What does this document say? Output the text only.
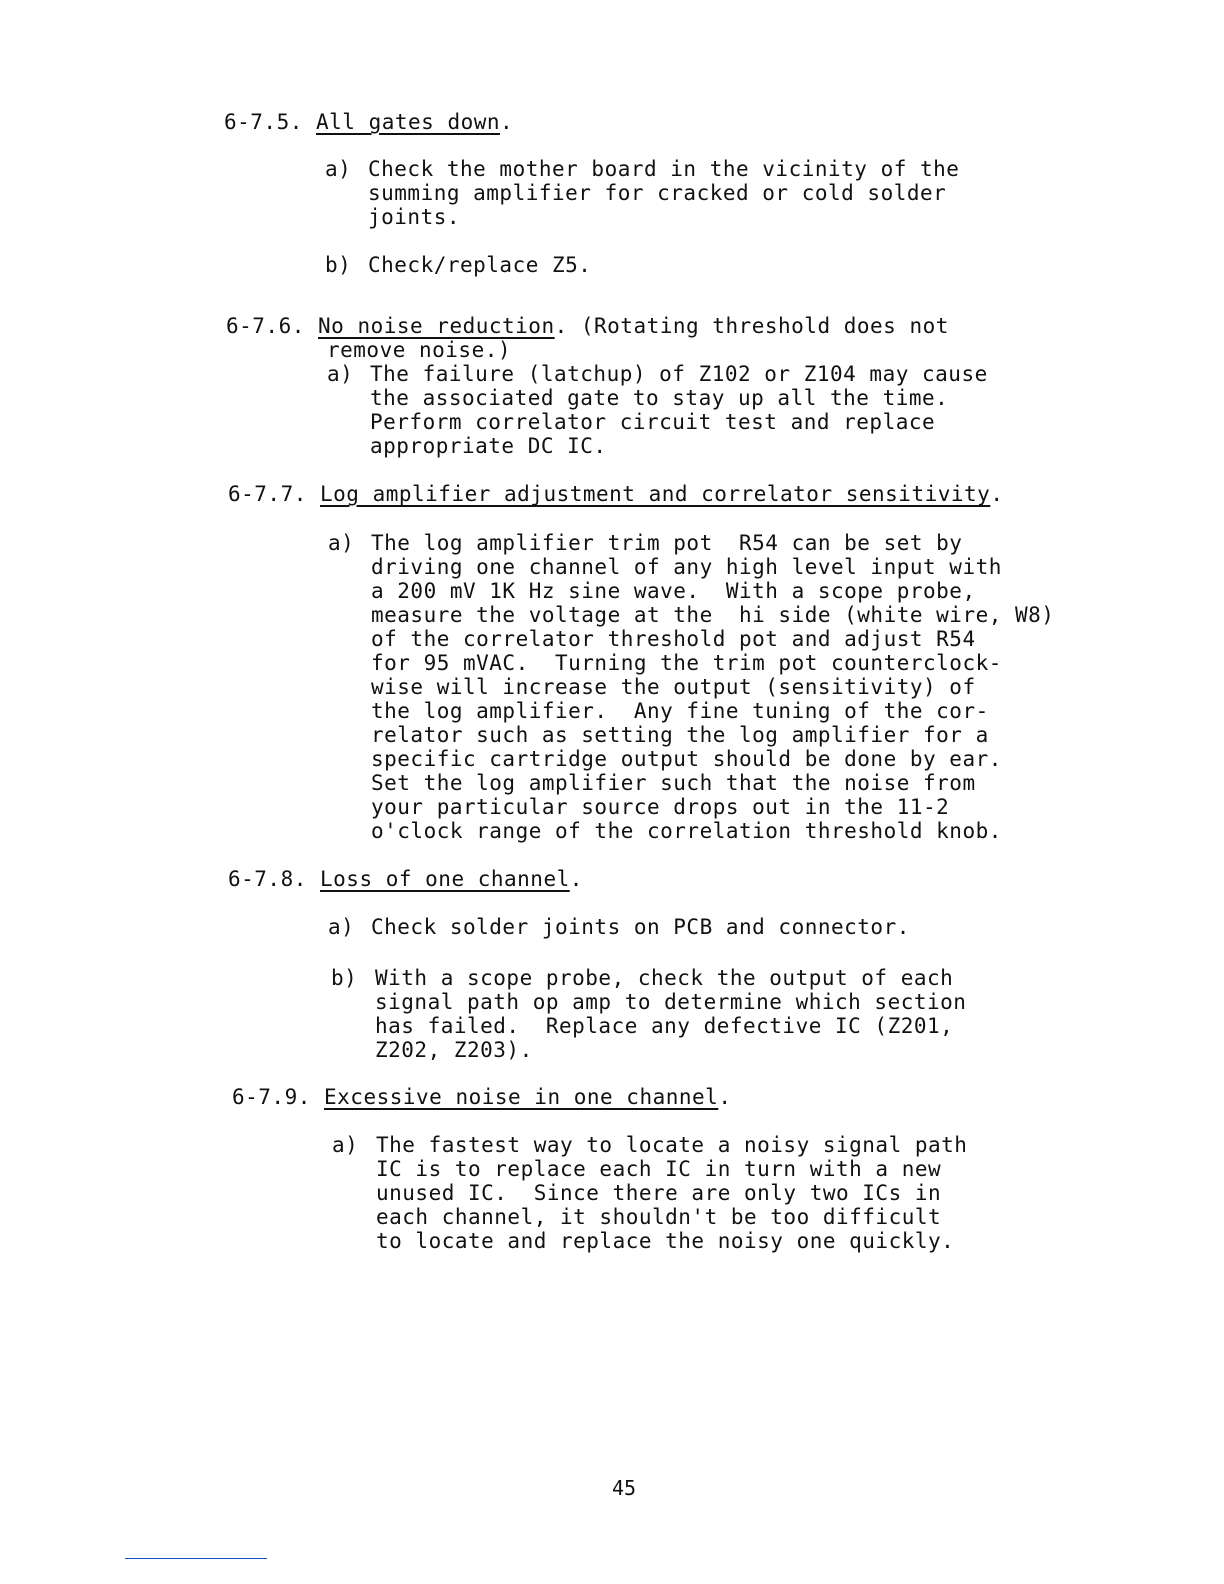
6-7.5. All gates down.
a) Check the mother board in the vicinity of the
summing amplifier for cracked or cold solder
joints.
b) Check/replace Z5.
6-7.6. No noise reduction. (Rotating threshold does not
remove noise.)
a) The failure (latchup) of Z102 or Z104 may cause
the associated gate to stay up all the time.
Perform correlator circuit test and replace
appropriate DC IC.
6-7.7. Log amplifier adjustment and correlator sensitivity.
a) The log amplifier trim pot  R54 can be set by
driving one channel of any high level input with
a 200 mV 1K Hz sine wave.  With a scope probe,
measure the voltage at the  hi side (white wire, W8)
of the correlator threshold pot and adjust R54
for 95 mVAC.  Turning the trim pot counterclock-
wise will increase the output (sensitivity) of
the log amplifier.  Any fine tuning of the cor-
relator such as setting the log amplifier for a
specific cartridge output should be done by ear.
Set the log amplifier such that the noise from
your particular source drops out in the 11-2
o'clock range of the correlation threshold knob.
6-7.8. Loss of one channel.
a) Check solder joints on PCB and connector.
b) With a scope probe, check the output of each
signal path op amp to determine which section
has failed.  Replace any defective IC (Z201,
Z202, Z203).
6-7.9. Excessive noise in one channel.
a) The fastest way to locate a noisy signal path
IC is to replace each IC in turn with a new
unused IC.  Since there are only two ICs in
each channel, it shouldn't be too difficult
to locate and replace the noisy one quickly.
45
